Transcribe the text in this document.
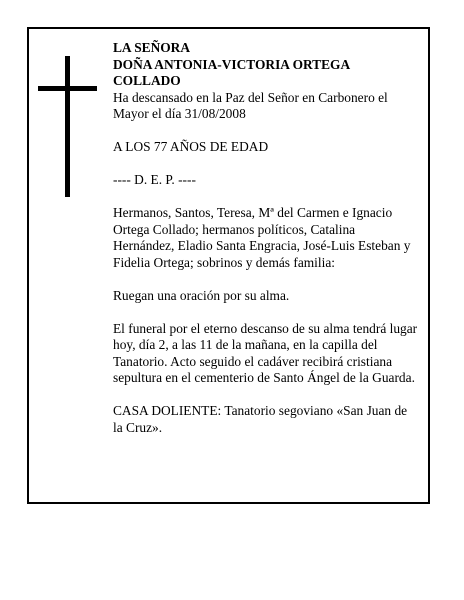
LA SEÑORA

DOÑA ANTONIA-VICTORIA ORTEGA COLLADO

Ha descansado en la Paz del Señor en Carbonero el Mayor el día 31/08/2008

A LOS 77 AÑOS DE EDAD

---- D. E. P. ----

Hermanos, Santos, Teresa, Mª del Carmen e Ignacio Ortega Collado; hermanos políticos, Catalina Hernández, Eladio Santa Engracia, José-Luis Esteban y Fidelia Ortega; sobrinos y demás familia:

Ruegan una oración por su alma.

El funeral por el eterno descanso de su alma tendrá lugar hoy, día 2, a las 11 de la mañana, en la capilla del Tanatorio. Acto seguido el cadáver recibirá cristiana sepultura en el cementerio de Santo Ángel de la Guarda.

CASA DOLIENTE: Tanatorio segoviano «San Juan de la Cruz».
